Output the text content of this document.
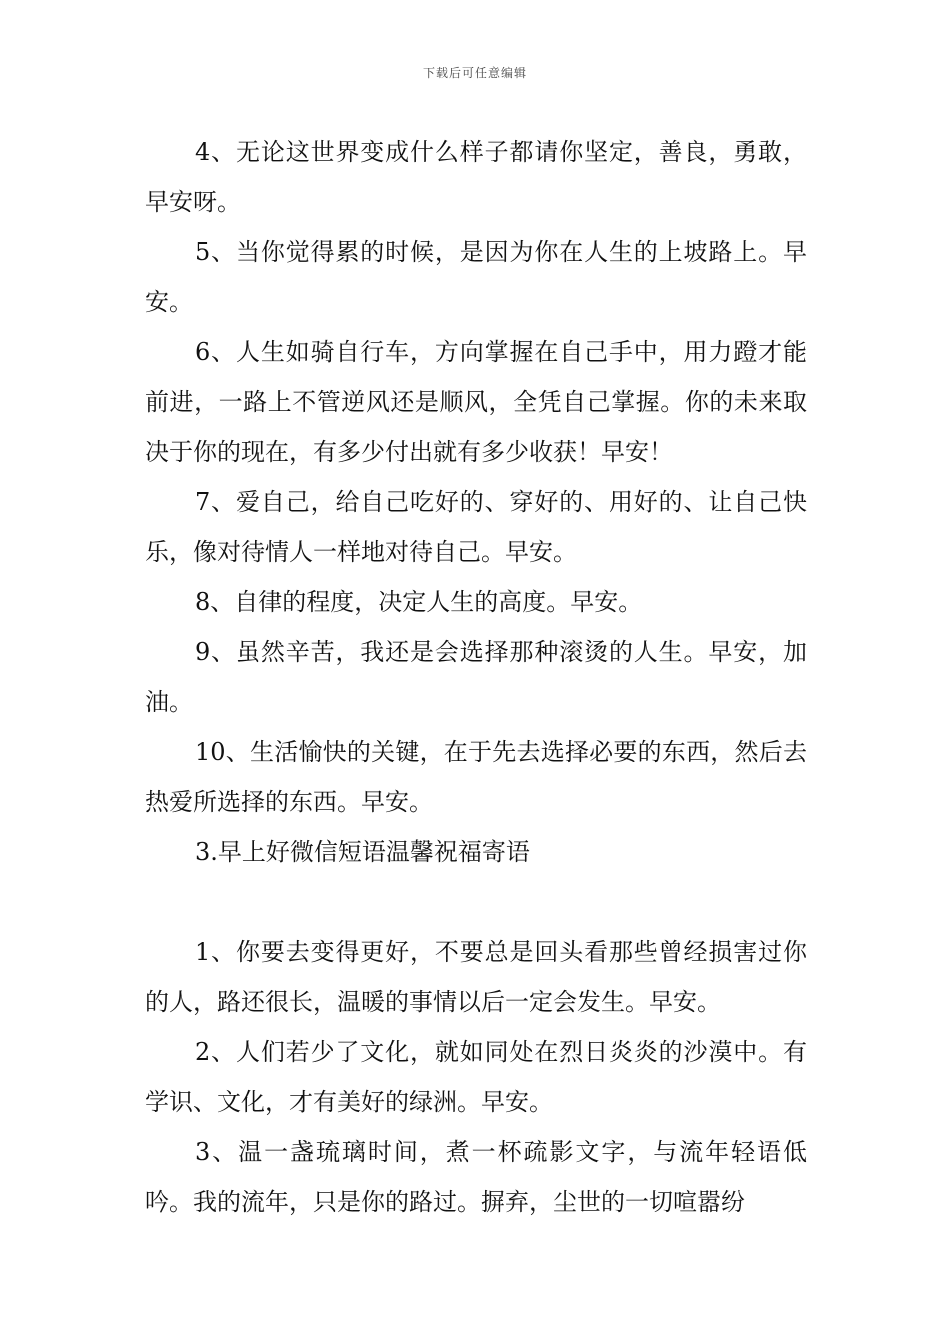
下载后可任意编辑

4、无论这世界变成什么样子都请你坚定，善良，勇敢，早安呀。

5、当你觉得累的时候，是因为你在人生的上坡路上。早安。

6、人生如骑自行车，方向掌握在自己手中，用力蹬才能前进，一路上不管逆风还是顺风，全凭自己掌握。你的未来取决于你的现在，有多少付出就有多少收获！早安！

7、爱自己，给自己吃好的、穿好的、用好的、让自己快乐，像对待情人一样地对待自己。早安。

8、自律的程度，决定人生的高度。早安。

9、虽然辛苦，我还是会选择那种滚烫的人生。早安，加油。

10、生活愉快的关键，在于先去选择必要的东西，然后去热爱所选择的东西。早安。

3.早上好微信短语温馨祝福寄语

1、你要去变得更好，不要总是回头看那些曾经损害过你的人，路还很长，温暖的事情以后一定会发生。早安。

2、人们若少了文化，就如同处在烈日炎炎的沙漠中。有学识、文化，才有美好的绿洲。早安。

3、温一盏琉璃时间，煮一杯疏影文字，与流年轻语低吟。我的流年，只是你的路过。摒弃，尘世的一切喧嚣纷
